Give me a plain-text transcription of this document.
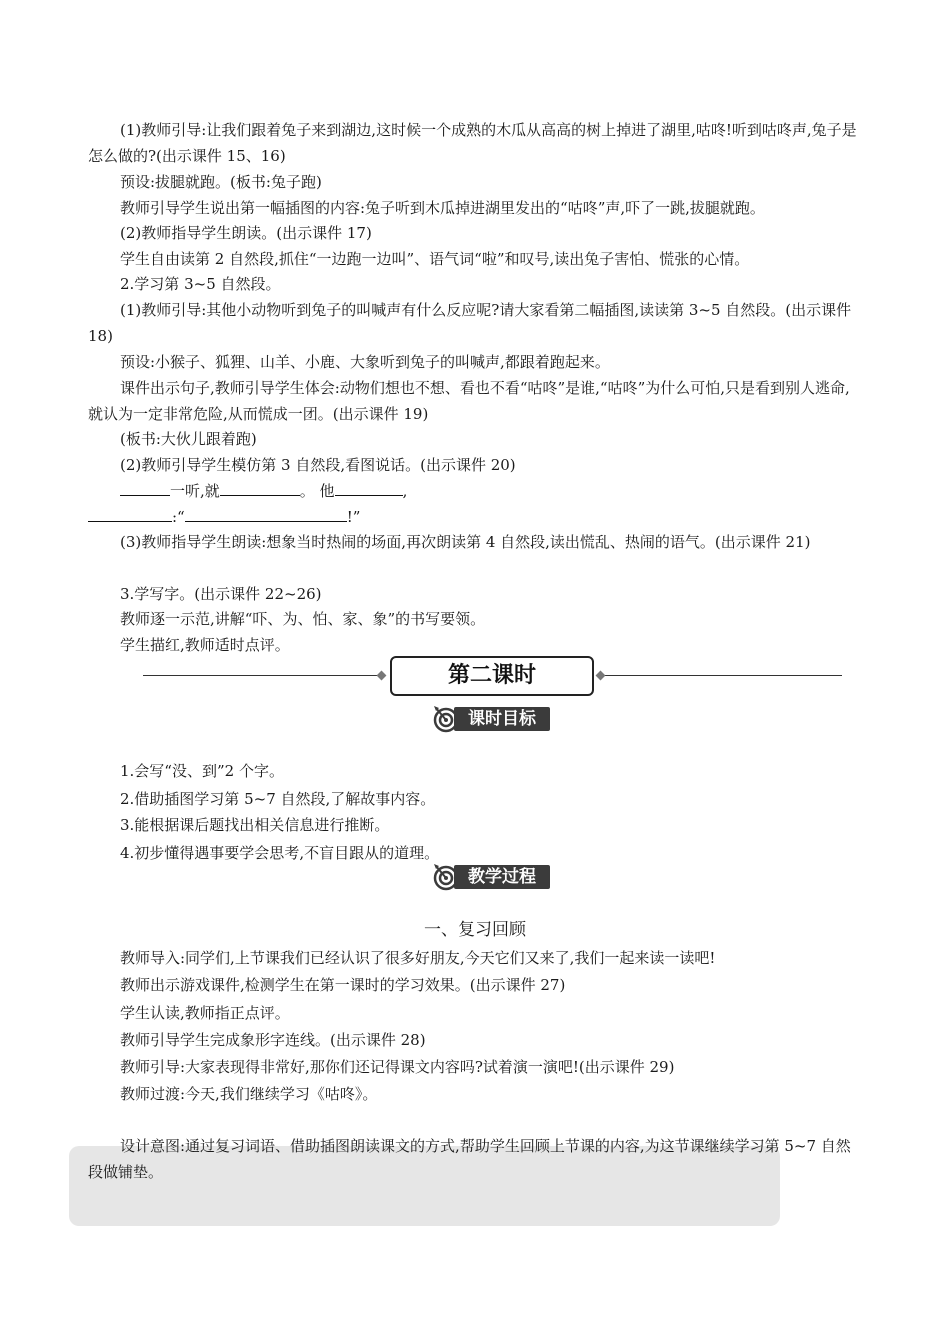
(1)教师引导:让我们跟着兔子来到湖边,这时候一个成熟的木瓜从高高的树上掉进了湖里,咕咚!听到咕咚声,兔子是怎么做的?(出示课件 15、16)
预设:拔腿就跑。(板书:兔子跑)
教师引导学生说出第一幅插图的内容:兔子听到木瓜掉进湖里发出的“咕咚”声,吓了一跳,拔腿就跑。
(2)教师指导学生朗读。(出示课件 17)
学生自由读第 2 自然段,抓住“一边跑一边叫”、语气词“啦”和叹号,读出兔子害怕、慌张的心情。
2.学习第 3~5 自然段。
(1)教师引导:其他小动物听到兔子的叫喊声有什么反应呢?请大家看第二幅插图,读读第 3~5 自然段。(出示课件 18)
预设:小猴子、狐狸、山羊、小鹿、大象听到兔子的叫喊声,都跟着跑起来。
课件出示句子,教师引导学生体会:动物们想也不想、看也不看“咕咚”是谁,“咕咚”为什么可怕,只是看到别人逃命,就认为一定非常危险,从而慌成一团。(出示课件 19)
(板书:大伙儿跟着跑)
(2)教师引导学生模仿第 3 自然段,看图说话。(出示课件 20)
一听,就	。 他	,
:“	!”
(3)教师指导学生朗读:想象当时热闹的场面,再次朗读第 4 自然段,读出慌乱、热闹的语气。(出示课件 21)
3.学写字。(出示课件 22~26)
教师逐一示范,讲解“吓、为、怕、家、象”的书写要领。
学生描红,教师适时点评。
第二课时
课时目标
1.会写“没、到”2 个字。
2.借助插图学习第 5~7 自然段,了解故事内容。
3.能根据课后题找出相关信息进行推断。
4.初步懂得遇事要学会思考,不盲目跟从的道理。
教学过程
一、复习回顾
教师导入:同学们,上节课我们已经认识了很多好朋友,今天它们又来了,我们一起来读一读吧!
教师出示游戏课件,检测学生在第一课时的学习效果。(出示课件 27)
学生认读,教师指正点评。
教师引导学生完成象形字连线。(出示课件 28)
教师引导:大家表现得非常好,那你们还记得课文内容吗?试着演一演吧!(出示课件 29)
教师过渡:今天,我们继续学习《咕咚》。
设计意图:通过复习词语、借助插图朗读课文的方式,帮助学生回顾上节课的内容,为这节课继续学习第 5~7 自然段做铺垫。
